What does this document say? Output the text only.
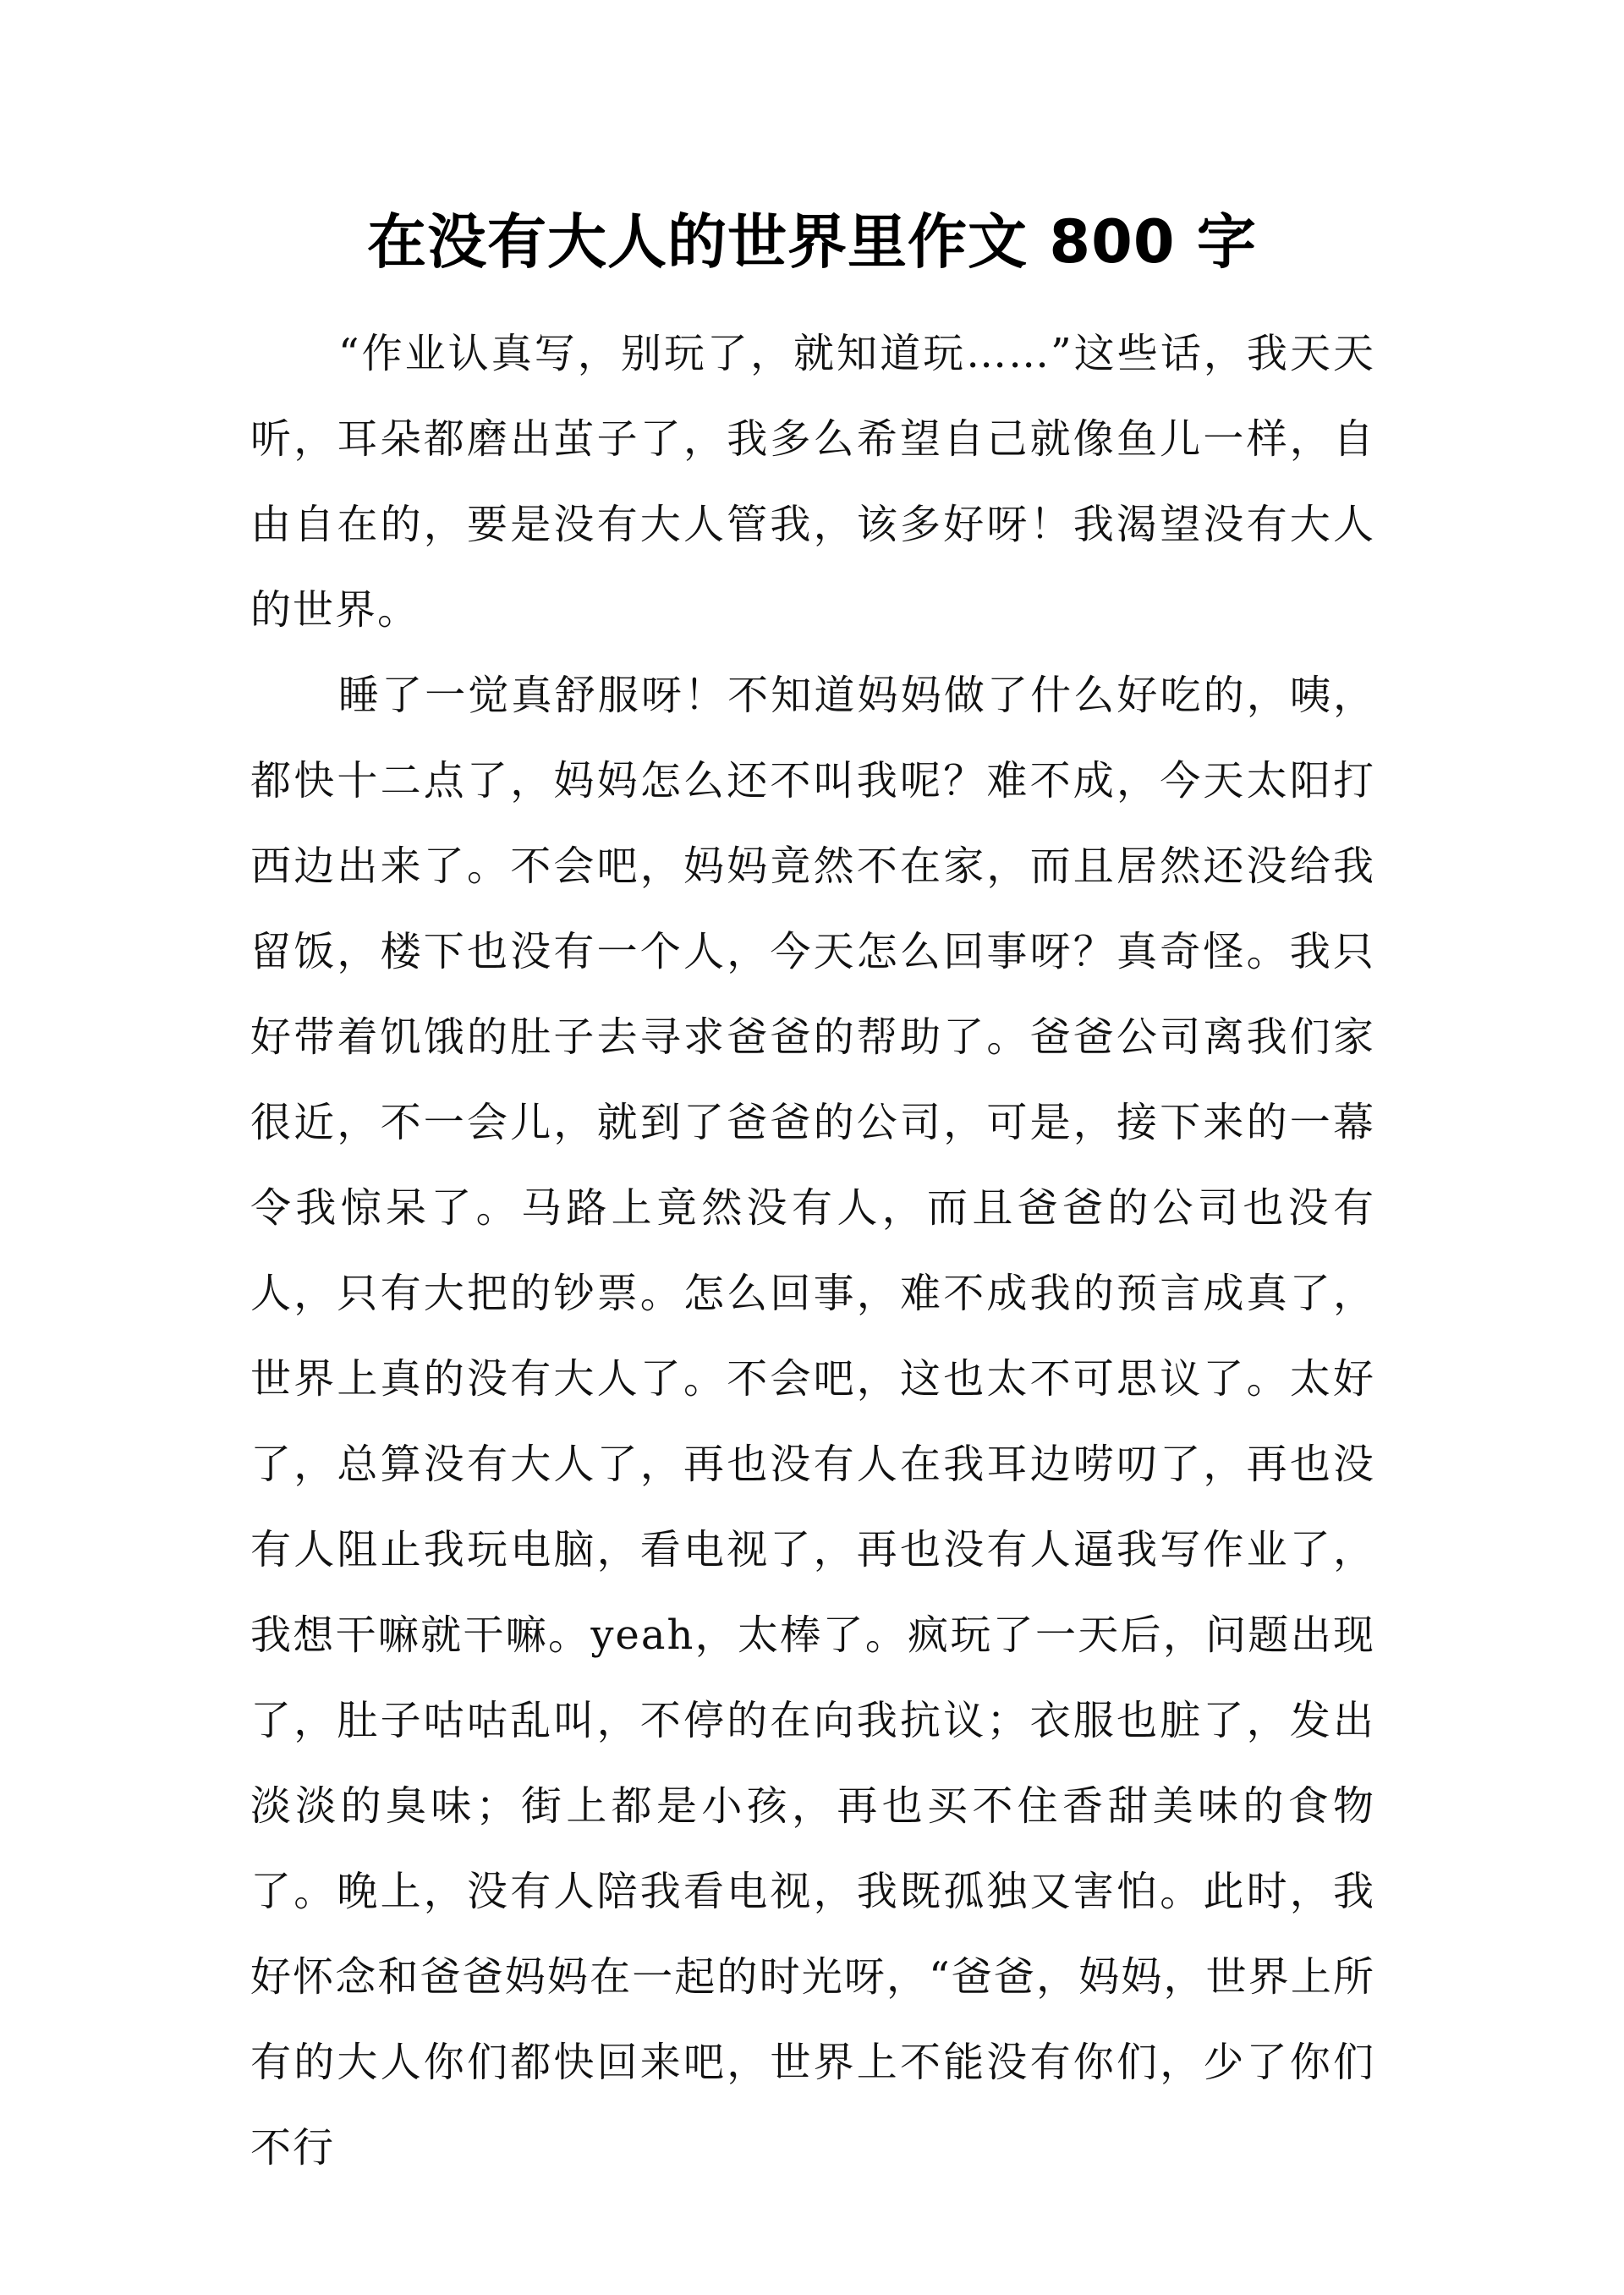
在没有大人的世界里作文 800 字

“作业认真写，别玩了，就知道玩……”这些话，我天天听，耳朵都磨出茧子了，我多么希望自己就像鱼儿一样，自由自在的，要是没有大人管我，该多好呀！我渴望没有大人的世界。

睡了一觉真舒服呀！不知道妈妈做了什么好吃的，咦，都快十二点了，妈妈怎么还不叫我呢？难不成，今天太阳打西边出来了。不会吧，妈妈竟然不在家，而且居然还没给我留饭，楼下也没有一个人，今天怎么回事呀？真奇怪。我只好带着饥饿的肚子去寻求爸爸的帮助了。爸爸公司离我们家很近，不一会儿，就到了爸爸的公司，可是，接下来的一幕令我惊呆了。马路上竟然没有人，而且爸爸的公司也没有人，只有大把的钞票。怎么回事，难不成我的预言成真了，世界上真的没有大人了。不会吧，这也太不可思议了。太好了，总算没有大人了，再也没有人在我耳边唠叨了，再也没有人阻止我玩电脑，看电视了，再也没有人逼我写作业了，我想干嘛就干嘛。yeah，太棒了。疯玩了一天后，问题出现了，肚子咕咕乱叫，不停的在向我抗议；衣服也脏了，发出淡淡的臭味；街上都是小孩，再也买不住香甜美味的食物了。晚上，没有人陪我看电视，我既孤独又害怕。此时，我好怀念和爸爸妈妈在一起的时光呀，“爸爸，妈妈，世界上所有的大人你们都快回来吧，世界上不能没有你们，少了你们不行
